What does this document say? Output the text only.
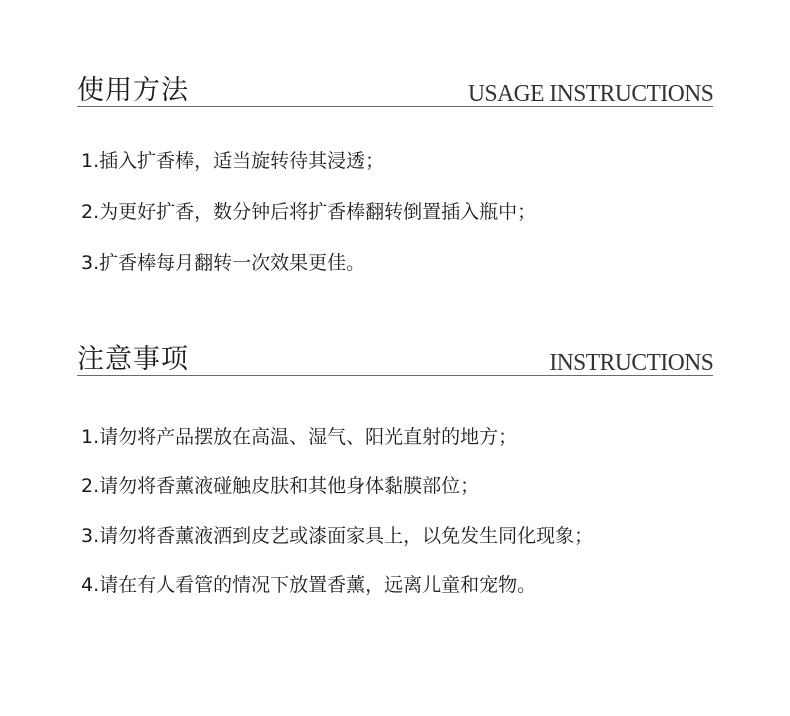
使用方法	USAGE INSTRUCTIONS
1.插入扩香棒，适当旋转待其浸透；
2.为更好扩香，数分钟后将扩香棒翻转倒置插入瓶中；
3.扩香棒每月翻转一次效果更佳。
注意事项	INSTRUCTIONS
1.请勿将产品摆放在高温、湿气、阳光直射的地方；
2.请勿将香薰液碰触皮肤和其他身体黏膜部位；
3.请勿将香薰液洒到皮艺或漆面家具上，以免发生同化现象；
4.请在有人看管的情况下放置香薰，远离儿童和宠物。
